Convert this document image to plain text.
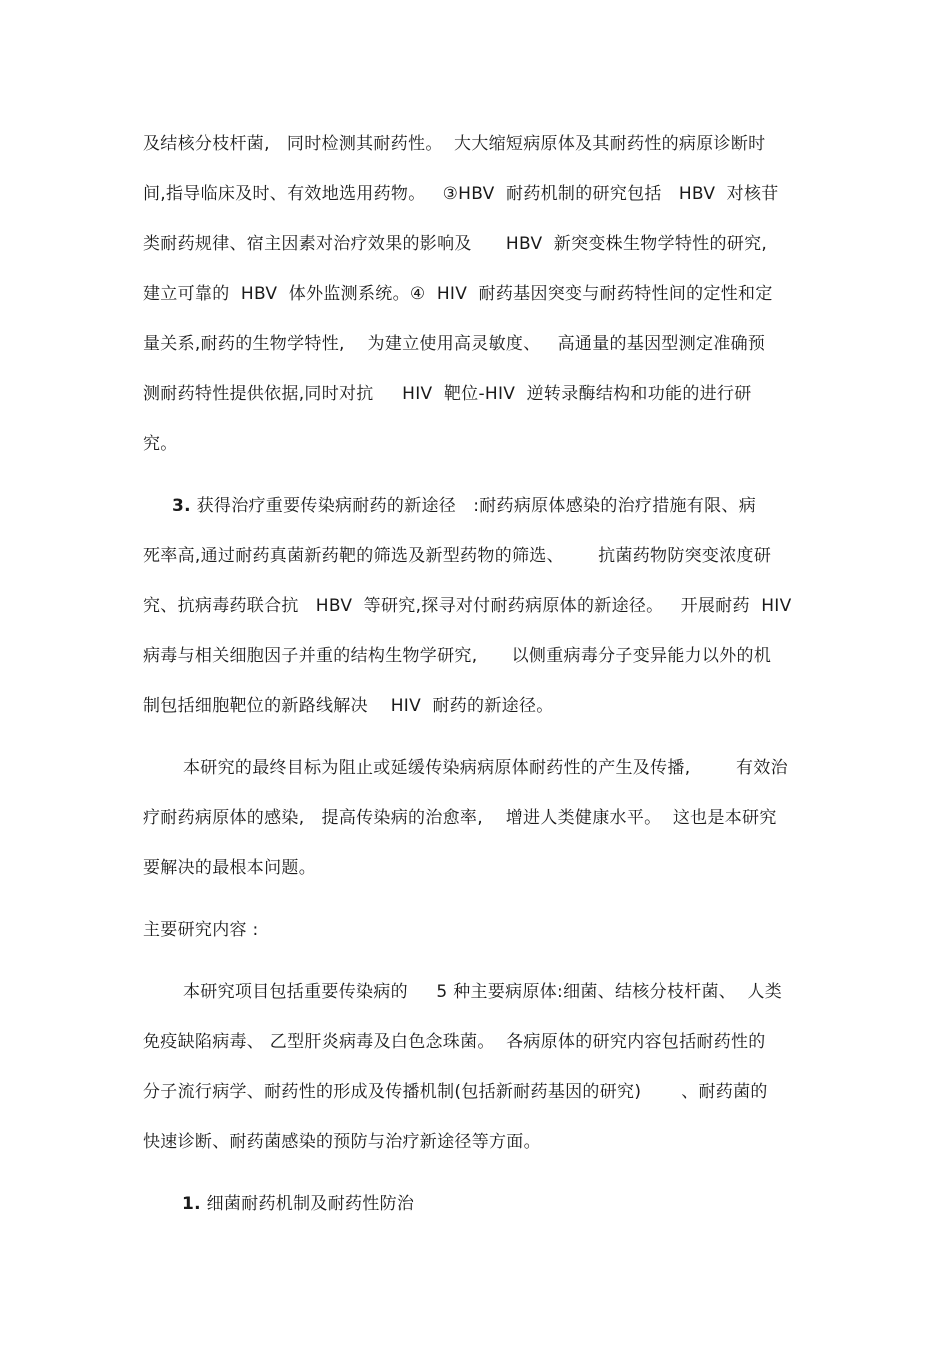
及结核分枝杆菌,   同时检测其耐药性。  大大缩短病原体及其耐药性的病原诊断时
间,指导临床及时、有效地选用药物。   ③HBV  耐药机制的研究包括   HBV  对核苷
类耐药规律、宿主因素对治疗效果的影响及      HBV  新突变株生物学特性的研究,
建立可靠的  HBV  体外监测系统。④  HIV  耐药基因突变与耐药特性间的定性和定
量关系,耐药的生物学特性,    为建立使用高灵敏度、   高通量的基因型测定准确预
测耐药特性提供依据,同时对抗     HIV  靶位-HIV  逆转录酶结构和功能的进行研
究。
3. 获得治疗重要传染病耐药的新途径   :耐药病原体感染的治疗措施有限、病
死率高,通过耐药真菌新药靶的筛选及新型药物的筛选、      抗菌药物防突变浓度研
究、抗病毒药联合抗   HBV  等研究,探寻对付耐药病原体的新途径。   开展耐药  HIV
病毒与相关细胞因子并重的结构生物学研究,      以侧重病毒分子变异能力以外的机
制包括细胞靶位的新路线解决    HIV  耐药的新途径。
本研究的最终目标为阻止或延缓传染病病原体耐药性的产生及传播,        有效治
疗耐药病原体的感染,   提高传染病的治愈率,    增进人类健康水平。  这也是本研究
要解决的最根本问题。
主要研究内容 :
本研究项目包括重要传染病的     5 种主要病原体:细菌、结核分枝杆菌、  人类
免疫缺陷病毒、 乙型肝炎病毒及白色念珠菌。  各病原体的研究内容包括耐药性的
分子流行病学、耐药性的形成及传播机制(包括新耐药基因的研究)       、耐药菌的
快速诊断、耐药菌感染的预防与治疗新途径等方面。
1. 细菌耐药机制及耐药性防治
